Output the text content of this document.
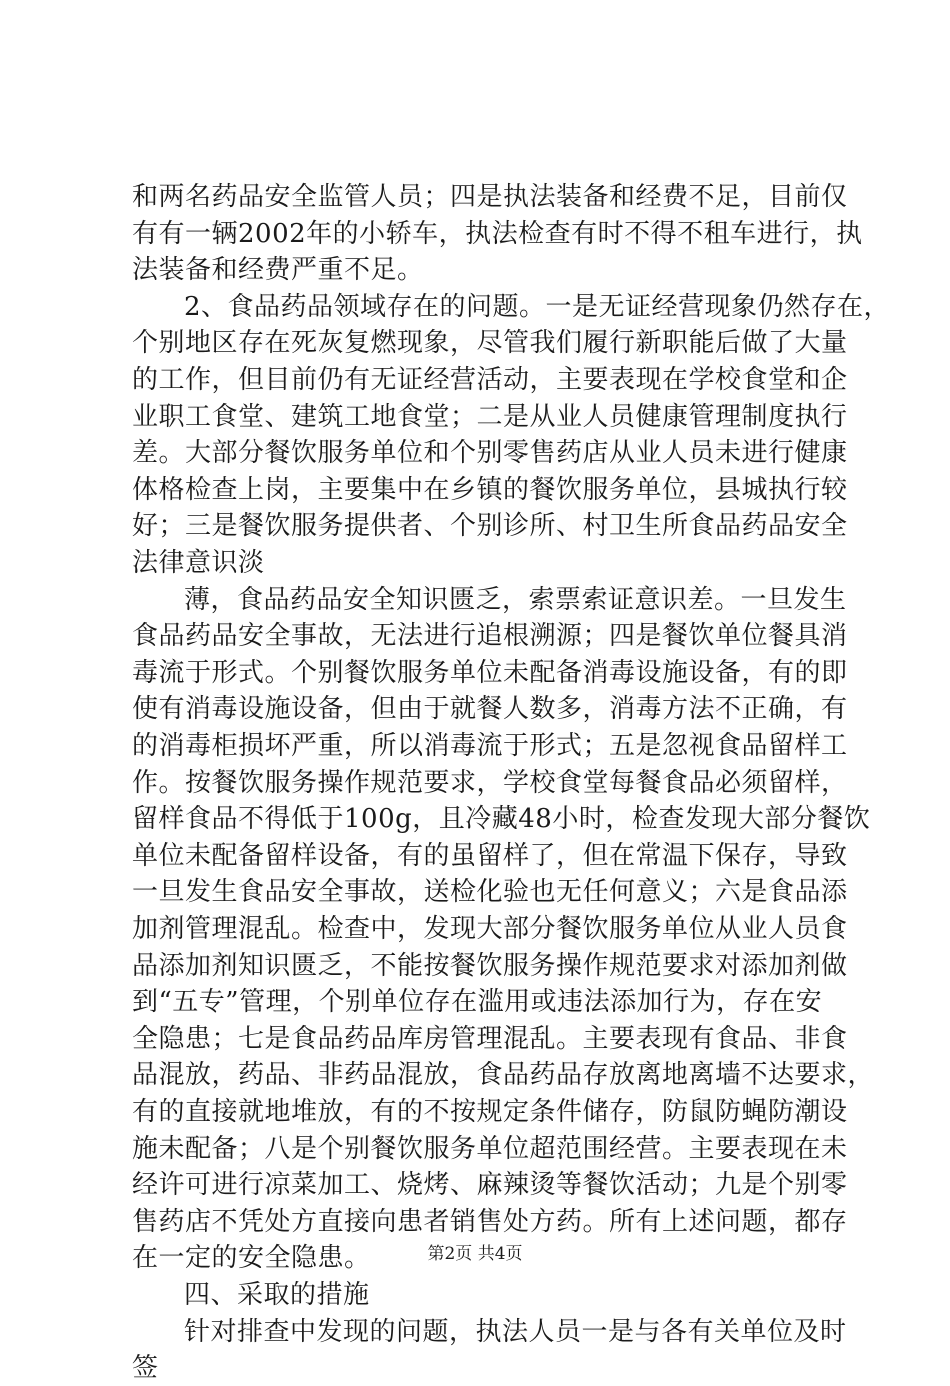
和两名药品安全监管人员；四是执法装备和经费不足，目前仅
有有一辆2002年的小轿车，执法检查有时不得不租车进行，执
法装备和经费严重不足。
2、食品药品领域存在的问题。一是无证经营现象仍然存在，
个别地区存在死灰复燃现象，尽管我们履行新职能后做了大量
的工作，但目前仍有无证经营活动，主要表现在学校食堂和企
业职工食堂、建筑工地食堂；二是从业人员健康管理制度执行
差。大部分餐饮服务单位和个别零售药店从业人员未进行健康
体格检查上岗，主要集中在乡镇的餐饮服务单位，县城执行较
好；三是餐饮服务提供者、个别诊所、村卫生所食品药品安全
法律意识淡
薄，食品药品安全知识匮乏，索票索证意识差。一旦发生
食品药品安全事故，无法进行追根溯源；四是餐饮单位餐具消
毒流于形式。个别餐饮服务单位未配备消毒设施设备，有的即
使有消毒设施设备，但由于就餐人数多，消毒方法不正确，有
的消毒柜损坏严重，所以消毒流于形式；五是忽视食品留样工
作。按餐饮服务操作规范要求，学校食堂每餐食品必须留样，
留样食品不得低于100g，且冷藏48小时，检查发现大部分餐饮
单位未配备留样设备，有的虽留样了，但在常温下保存，导致
一旦发生食品安全事故，送检化验也无任何意义；六是食品添
加剂管理混乱。检查中，发现大部分餐饮服务单位从业人员食
品添加剂知识匮乏，不能按餐饮服务操作规范要求对添加剂做
到“五专”管理，个别单位存在滥用或违法添加行为，存在安
全隐患；七是食品药品库房管理混乱。主要表现有食品、非食
品混放，药品、非药品混放，食品药品存放离地离墙不达要求，
有的直接就地堆放，有的不按规定条件储存，防鼠防蝇防潮设
施未配备；八是个别餐饮服务单位超范围经营。主要表现在未
经许可进行凉菜加工、烧烤、麻辣烫等餐饮活动；九是个别零
售药店不凭处方直接向患者销售处方药。所有上述问题，都存
在一定的安全隐患。
四、采取的措施
针对排查中发现的问题，执法人员一是与各有关单位及时
签
第2页 共4页
